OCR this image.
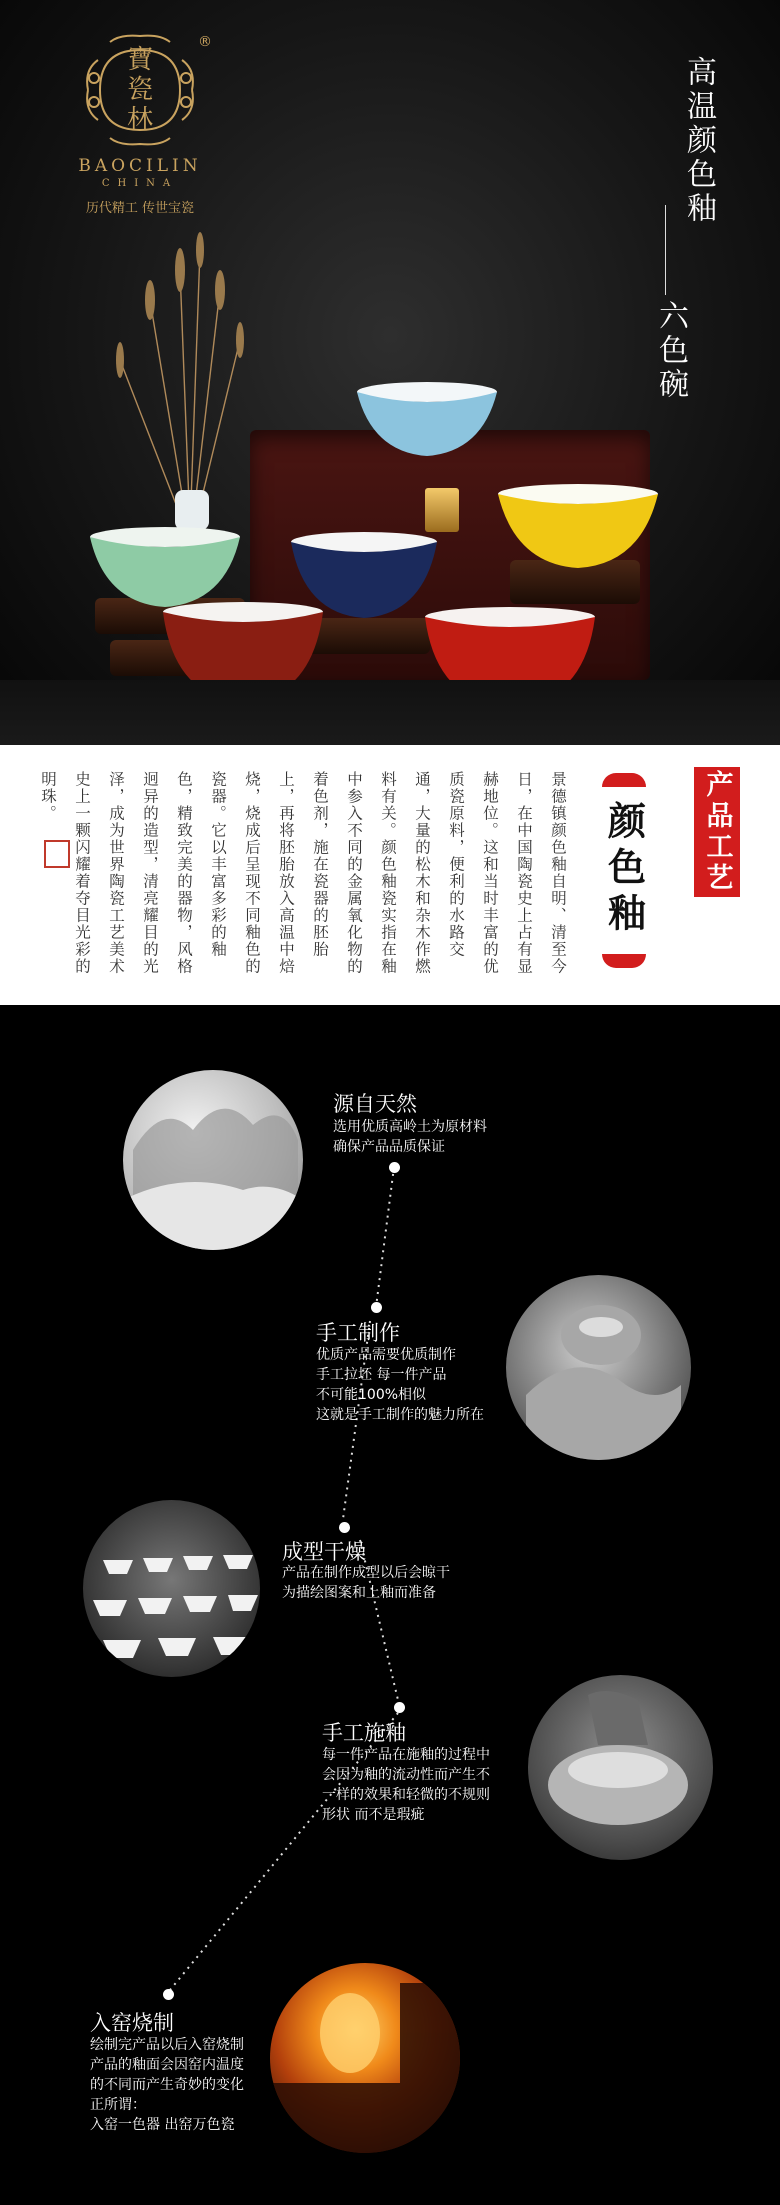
寶
瓷
林
BAOCILIN
CHINA
历代精工 传世宝瓷
®
高温颜色釉
六色碗
产品工艺
颜色釉
景德镇颜色釉自明、清至今日，在中国陶瓷史上占有显赫地位。这和当时丰富的优质瓷原料，便利的水路交通，大量的松木和杂木作燃料有关。颜色釉瓷实指在釉中参入不同的金属氧化物的着色剂，施在瓷器的胚胎上，再将胚胎放入高温中焙烧，烧成后呈现不同釉色的瓷器。它以丰富多彩的釉色，精致完美的器物，风格迥异的造型，清亮耀目的光泽，成为世界陶瓷工艺美术史上一颗闪耀着夺目光彩的明珠。
源自天然
选用优质高岭土为原材料
确保产品品质保证
手工制作
优质产品需要优质制作
手工拉坯 每一件产品
不可能100%相似
这就是手工制作的魅力所在
成型干燥
产品在制作成型以后会晾干
为描绘图案和上釉而准备
手工施釉
每一件产品在施釉的过程中
会因为釉的流动性而产生不
一样的效果和轻微的不规则
形状 而不是瑕疵
入窑烧制
绘制完产品以后入窑烧制
产品的釉面会因窑内温度
的不同而产生奇妙的变化
正所谓：
入窑一色器 出窑万色瓷
